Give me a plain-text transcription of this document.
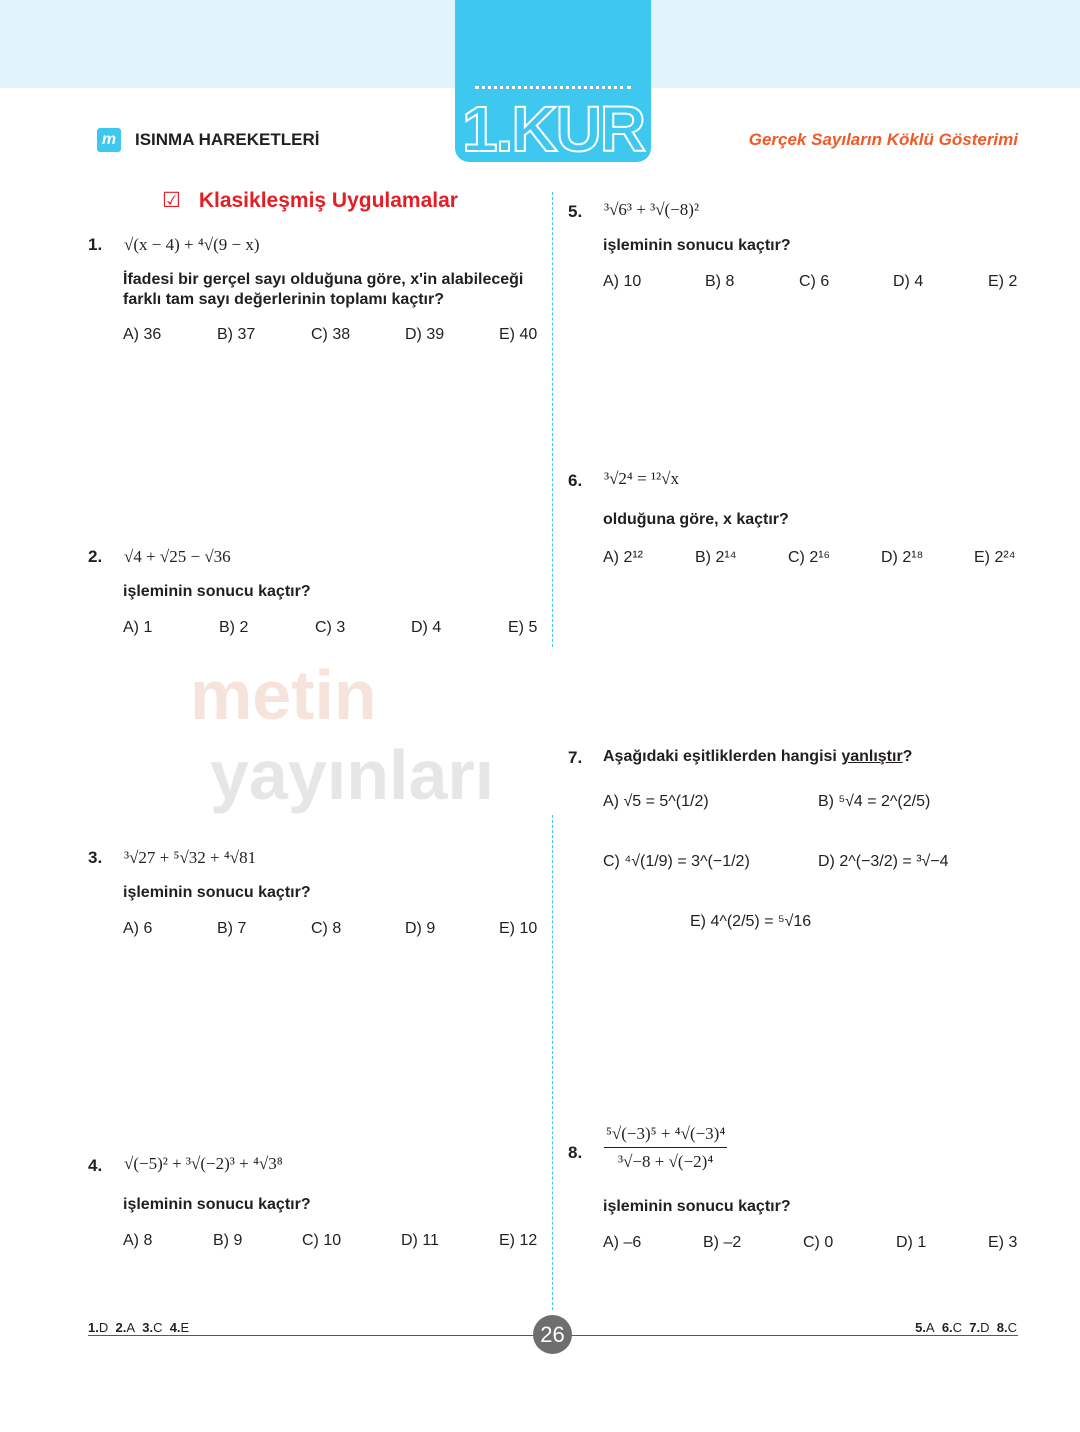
1.KUR
m ISINMA HAREKETLERİ	Gerçek Sayıların Köklü Gösterimi
☑ Klasikleşmiş Uygulamalar
metin
yayınları
1. √(x − 4) + ⁴√(9 − x)
İfadesi bir gerçel sayı olduğuna göre, x'in alabileceği
farklı tam sayı değerlerinin toplamı kaçtır?
A) 36	B) 37	C) 38	D) 39	E) 40
2. √4 + √25 − √36
işleminin sonucu kaçtır?
A) 1	B) 2	C) 3	D) 4	E) 5
3. ³√27 + ⁵√32 + ⁴√81
işleminin sonucu kaçtır?
A) 6	B) 7	C) 8	D) 9	E) 10
4. √(−5)² + ³√(−2)³ + ⁴√3⁸
işleminin sonucu kaçtır?
A) 8	B) 9	C) 10	D) 11	E) 12
5. ³√6³ + ³√(−8)²
işleminin sonucu kaçtır?
A) 10	B) 8	C) 6	D) 4	E) 2
6. ³√2⁴ = ¹²√x
olduğuna göre, x kaçtır?
A) 2¹²	B) 2¹⁴	C) 2¹⁶	D) 2¹⁸	E) 2²⁴
7. Aşağıdaki eşitliklerden hangisi yanlıştır?
A) √5 = 5^(1/2)	B) ⁵√4 = 2^(2/5)
C) ⁴√(1/9) = 3^(−1/2)	D) 2^(−3/2) = ³√−4
E) 4^(2/5) = ⁵√16
8. $\frac{\text{⁵√(−3)⁵ + ⁴√(−3)⁴}}{\text{³√−8 + √(−2)⁴}}$
işleminin sonucu kaçtır?
A) –6	B) –2	C) 0	D) 1	E) 3
26
1.D 2.A 3.C 4.E	5.A 6.C 7.D 8.C
